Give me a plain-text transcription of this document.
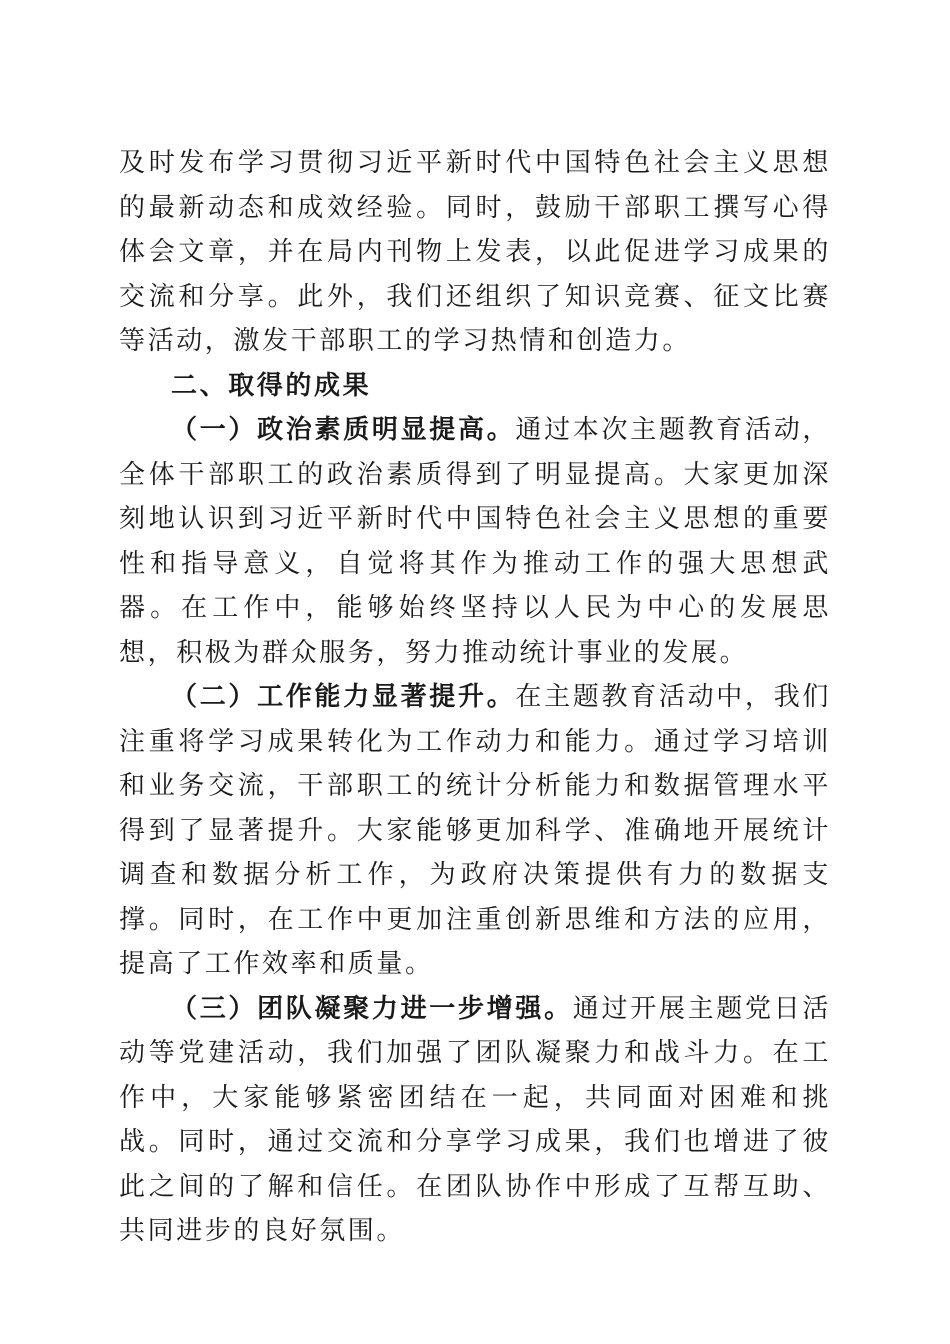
及时发布学习贯彻习近平新时代中国特色社会主义思想的最新动态和成效经验。同时，鼓励干部职工撰写心得体会文章，并在局内刊物上发表，以此促进学习成果的交流和分享。此外，我们还组织了知识竞赛、征文比赛等活动，激发干部职工的学习热情和创造力。

二、取得的成果

（一）政治素质明显提高。通过本次主题教育活动，全体干部职工的政治素质得到了明显提高。大家更加深刻地认识到习近平新时代中国特色社会主义思想的重要性和指导意义，自觉将其作为推动工作的强大思想武器。在工作中，能够始终坚持以人民为中心的发展思想，积极为群众服务，努力推动统计事业的发展。

（二）工作能力显著提升。在主题教育活动中，我们注重将学习成果转化为工作动力和能力。通过学习培训和业务交流，干部职工的统计分析能力和数据管理水平得到了显著提升。大家能够更加科学、准确地开展统计调查和数据分析工作，为政府决策提供有力的数据支撑。同时，在工作中更加注重创新思维和方法的应用，提高了工作效率和质量。

（三）团队凝聚力进一步增强。通过开展主题党日活动等党建活动，我们加强了团队凝聚力和战斗力。在工作中，大家能够紧密团结在一起，共同面对困难和挑战。同时，通过交流和分享学习成果，我们也增进了彼此之间的了解和信任。在团队协作中形成了互帮互助、共同进步的良好氛围。
